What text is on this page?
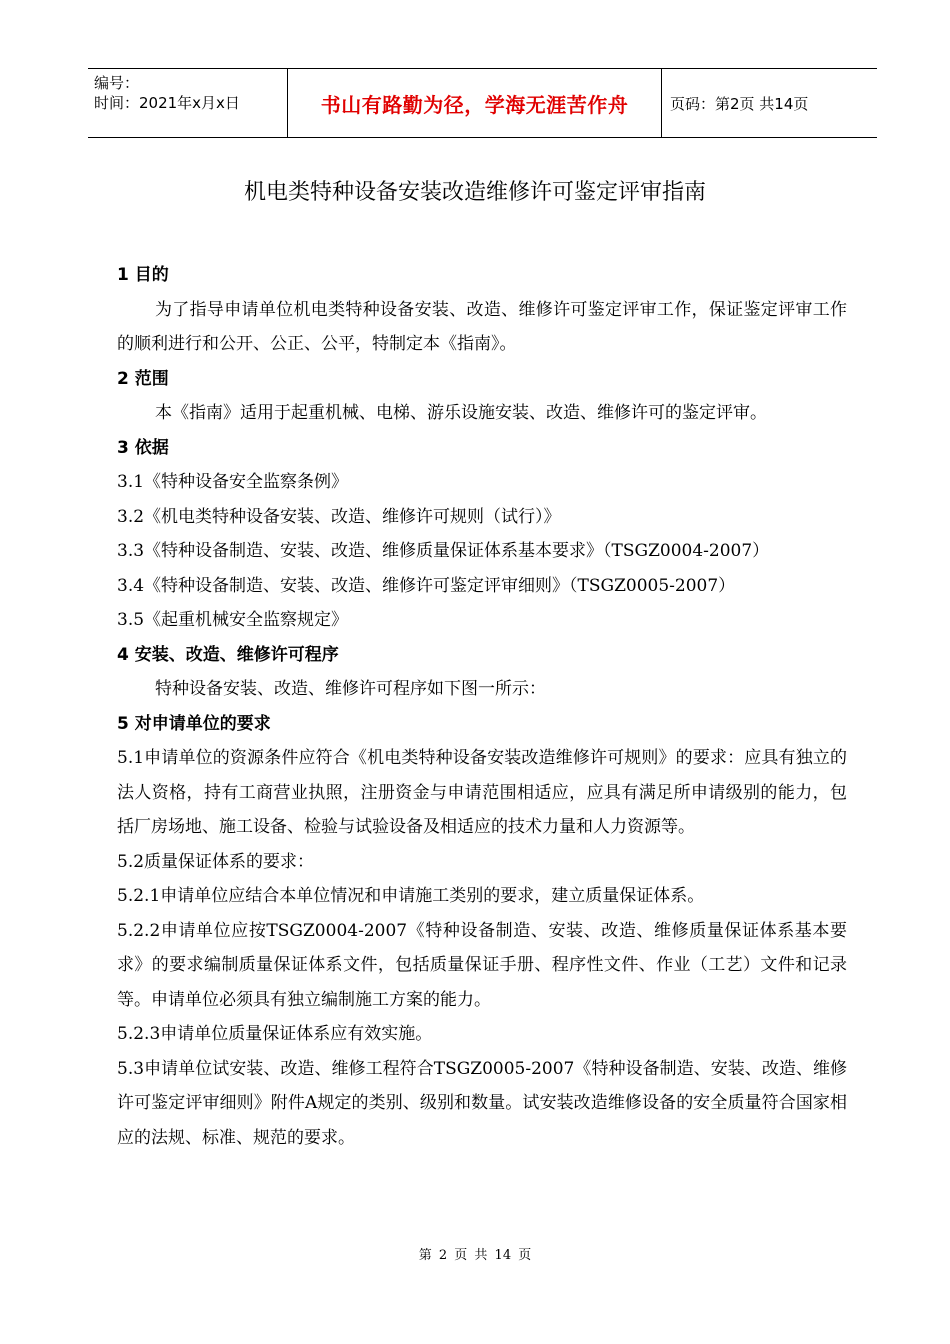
编号：
时间：2021年x月x日	书山有路勤为径，学海无涯苦作舟	页码：第2页 共14页
机电类特种设备安装改造维修许可鉴定评审指南

1 目的

为了指导申请单位机电类特种设备安装、改造、维修许可鉴定评审工作，保证鉴定评审工作的顺利进行和公开、公正、公平，特制定本《指南》。

2 范围

本《指南》适用于起重机械、电梯、游乐设施安装、改造、维修许可的鉴定评审。

3 依据

3.1《特种设备安全监察条例》

3.2《机电类特种设备安装、改造、维修许可规则（试行）》

3.3《特种设备制造、安装、改造、维修质量保证体系基本要求》（TSGZ0004-2007）

3.4《特种设备制造、安装、改造、维修许可鉴定评审细则》（TSGZ0005-2007）

3.5《起重机械安全监察规定》

4 安装、改造、维修许可程序

特种设备安装、改造、维修许可程序如下图一所示：

5 对申请单位的要求

5.1申请单位的资源条件应符合《机电类特种设备安装改造维修许可规则》的要求：应具有独立的法人资格，持有工商营业执照，注册资金与申请范围相适应，应具有满足所申请级别的能力，包括厂房场地、施工设备、检验与试验设备及相适应的技术力量和人力资源等。

5.2质量保证体系的要求：

5.2.1申请单位应结合本单位情况和申请施工类别的要求，建立质量保证体系。

5.2.2申请单位应按TSGZ0004-2007《特种设备制造、安装、改造、维修质量保证体系基本要求》的要求编制质量保证体系文件，包括质量保证手册、程序性文件、作业（工艺）文件和记录等。申请单位必须具有独立编制施工方案的能力。

5.2.3申请单位质量保证体系应有效实施。

5.3申请单位试安装、改造、维修工程符合TSGZ0005-2007《特种设备制造、安装、改造、维修许可鉴定评审细则》附件A规定的类别、级别和数量。试安装改造维修设备的安全质量符合国家相应的法规、标准、规范的要求。

第 2 页 共 14 页
